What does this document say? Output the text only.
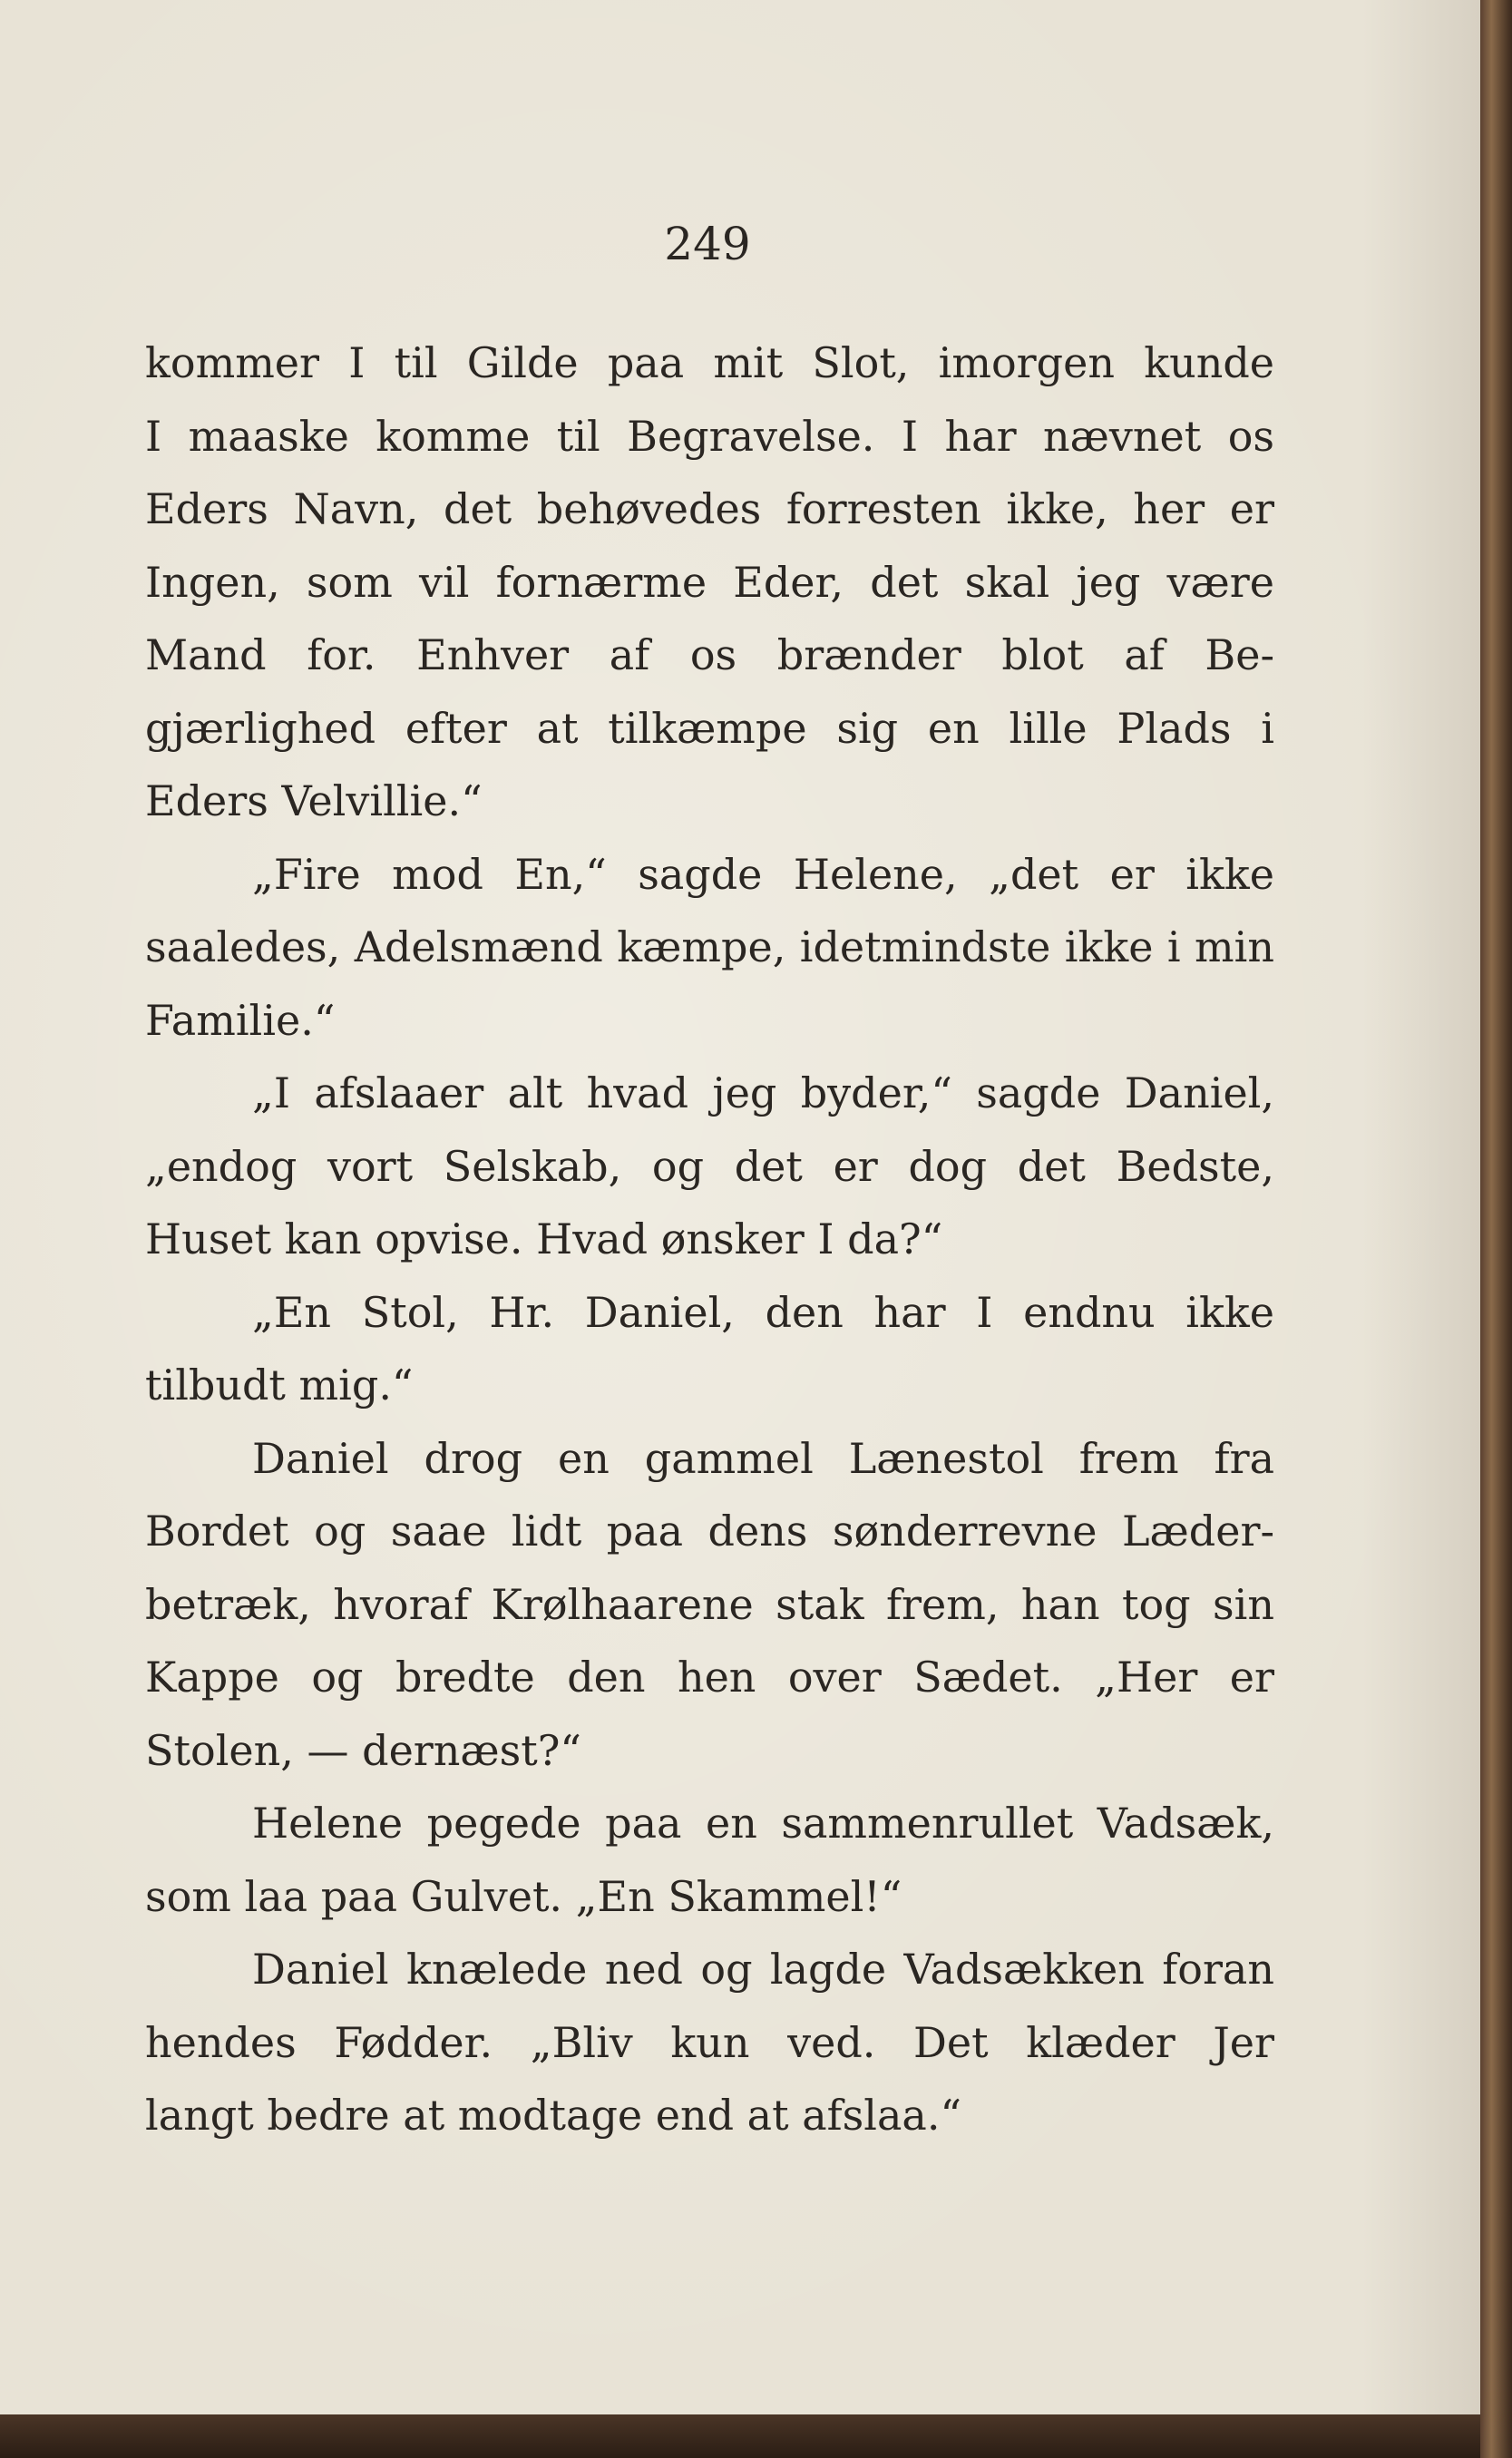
249
kommer I til Gilde paa mit Slot, imorgen kunde
I maaske komme til Begravelse. I har nævnet os
Eders Navn, det behøvedes forresten ikke, her er
Ingen, som vil fornærme Eder, det skal jeg være
Mand for. Enhver af os brænder blot af Be-
gjærlighed efter at tilkæmpe sig en lille Plads i
Eders Velvillie.“
„Fire mod En,“ sagde Helene, „det er ikke
saaledes, Adelsmænd kæmpe, idetmindste ikke i min
Familie.“
„I afslaaer alt hvad jeg byder,“ sagde Daniel,
„endog vort Selskab, og det er dog det Bedste,
Huset kan opvise. Hvad ønsker I da?“
„En Stol, Hr. Daniel, den har I endnu ikke
tilbudt mig.“
Daniel drog en gammel Lænestol frem fra
Bordet og saae lidt paa dens sønderrevne Læder-
betræk, hvoraf Krølhaarene stak frem, han tog sin
Kappe og bredte den hen over Sædet. „Her er
Stolen, — dernæst?“
Helene pegede paa en sammenrullet Vadsæk,
som laa paa Gulvet. „En Skammel!“
Daniel knælede ned og lagde Vadsækken foran
hendes Fødder. „Bliv kun ved. Det klæder Jer
langt bedre at modtage end at afslaa.“
